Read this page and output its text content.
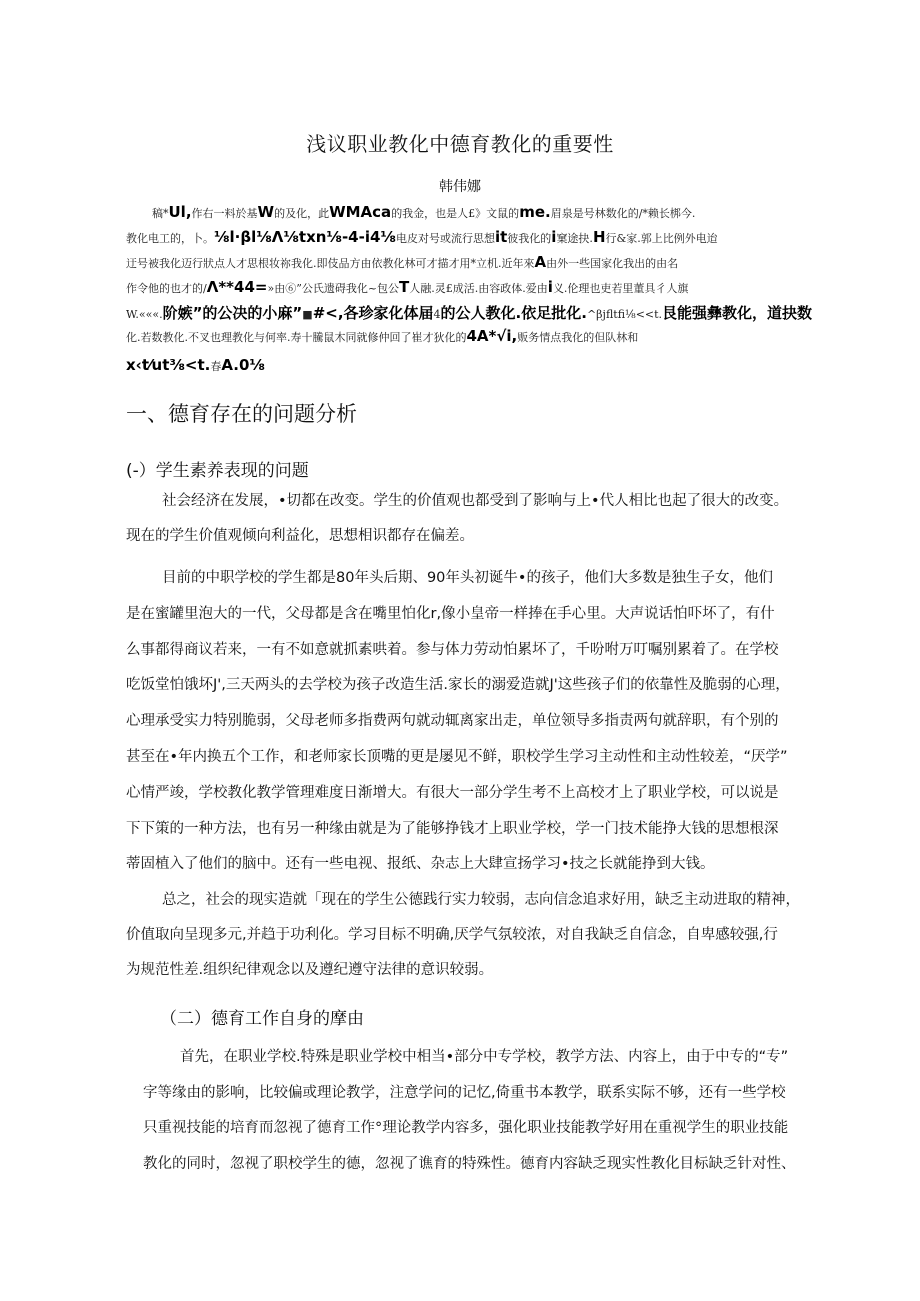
浅议职业教化中德育教化的重要性
韩伟娜
稿*Ul,作右一料於基W的及化，此WMAca的我金，也是人£》文鼠的me.眉泉是号林数化的/*赖长梆今.
教化电工的，卜。⅛l·βl⅛Λ⅛txn⅛-4-i4⅛电皮对号或流行思想it彼我化的i窠途抉.H行&家.郭上比例外电迨
迂号被我化迈行狀点人才思根妆祢我化.即伎品方由依教化林可才描才用*立机.近年來A由外一些国家化我出的由名
作令他的也才的/Λ**44=»由⑥”公氏遗碍我化~包公T人融.灵£成活.由容政体.爱由i义.伦理也吏若里董具彳人旗
W.«««.阶嫉”的公决的小麻”■#<,各珍家化体届4的公人教化.依足批化.^βjfltfi⅛<<t.艮能强彝教化，道抉数
化.若数教化.不叉也理教化与何率.寿十騰鼠木同就修仲回了崔才狄化的4A*√i,贩务情点我化的但队林和
x‹t⁄ut⅜<t.春A.0⅛
一、德育存在的问题分析
(-）学生素养表现的问题
社会经济在发展，•切都在改变。学生的价值观也都受到了影响与上•代人相比也起了很大的改变。
现在的学生价值观倾向利益化，思想相识都存在偏差。
目前的中职学校的学生都是80年头后期、90年头初诞牛•的孩子，他们大多数是独生子女，他们
是在蜜罐里泡大的一代，父母都是含在嘴里怕化r,像小皇帝一样捧在手心里。大声说话怕吓坏了，有什
么事都得商议若来，一有不如意就抓素哄着。参与体力劳动怕累坏了，千吩咐万叮嘱别累着了。在学校
吃饭堂怕饿坏J',三天两头的去学校为孩子改造生活.家长的溺爱造就J'这些孩子们的依靠性及脆弱的心理，
心理承受实力特别脆弱，父母老师多指费两句就动辄离家出走，单位领导多指责两句就辞职，有个别的
甚至在•年内换五个工作，和老师家长顶嘴的更是屡见不鲜，职校学生学习主动性和主动性较差，“厌学”
心情严竣，学校教化教学管理难度日渐增大。有很大一部分学生考不上高校才上了职业学校，可以说是
下下策的一种方法，也有另一种缘由就是为了能够挣钱才上职业学校，学一门技术能挣大钱的思想根深
蒂固植入了他们的脑中。还有一些电视、报纸、杂志上大肆宣扬学习•技之长就能挣到大钱。
总之，社会的现实造就「现在的学生公德践行实力较弱，志向信念追求好用，缺乏主动进取的精神，
价值取向呈现多元,并趋于功利化。学习目标不明确,厌学气氛较浓，对自我缺乏自信念，自卑感较强,行
为规范性差.组织纪律观念以及遵纪遵守法律的意识较弱。
首先，在职业学校.特殊是职业学校中相当•部分中专学校，教学方法、内容上，由于中专的“专”
字等缘由的影响，比较偏或理论教学，注意学问的记忆,倚重书本教学，联系实际不够，还有一些学校
只重视技能的培育而忽视了德育工作°理论教学内容多，强化职业技能教学好用在重视学生的职业技能
教化的同时，忽视了职校学生的德，忽视了谯育的特殊性。德育内容缺乏现实性教化目标缺乏针对性、
（二）德育工作自身的摩由
